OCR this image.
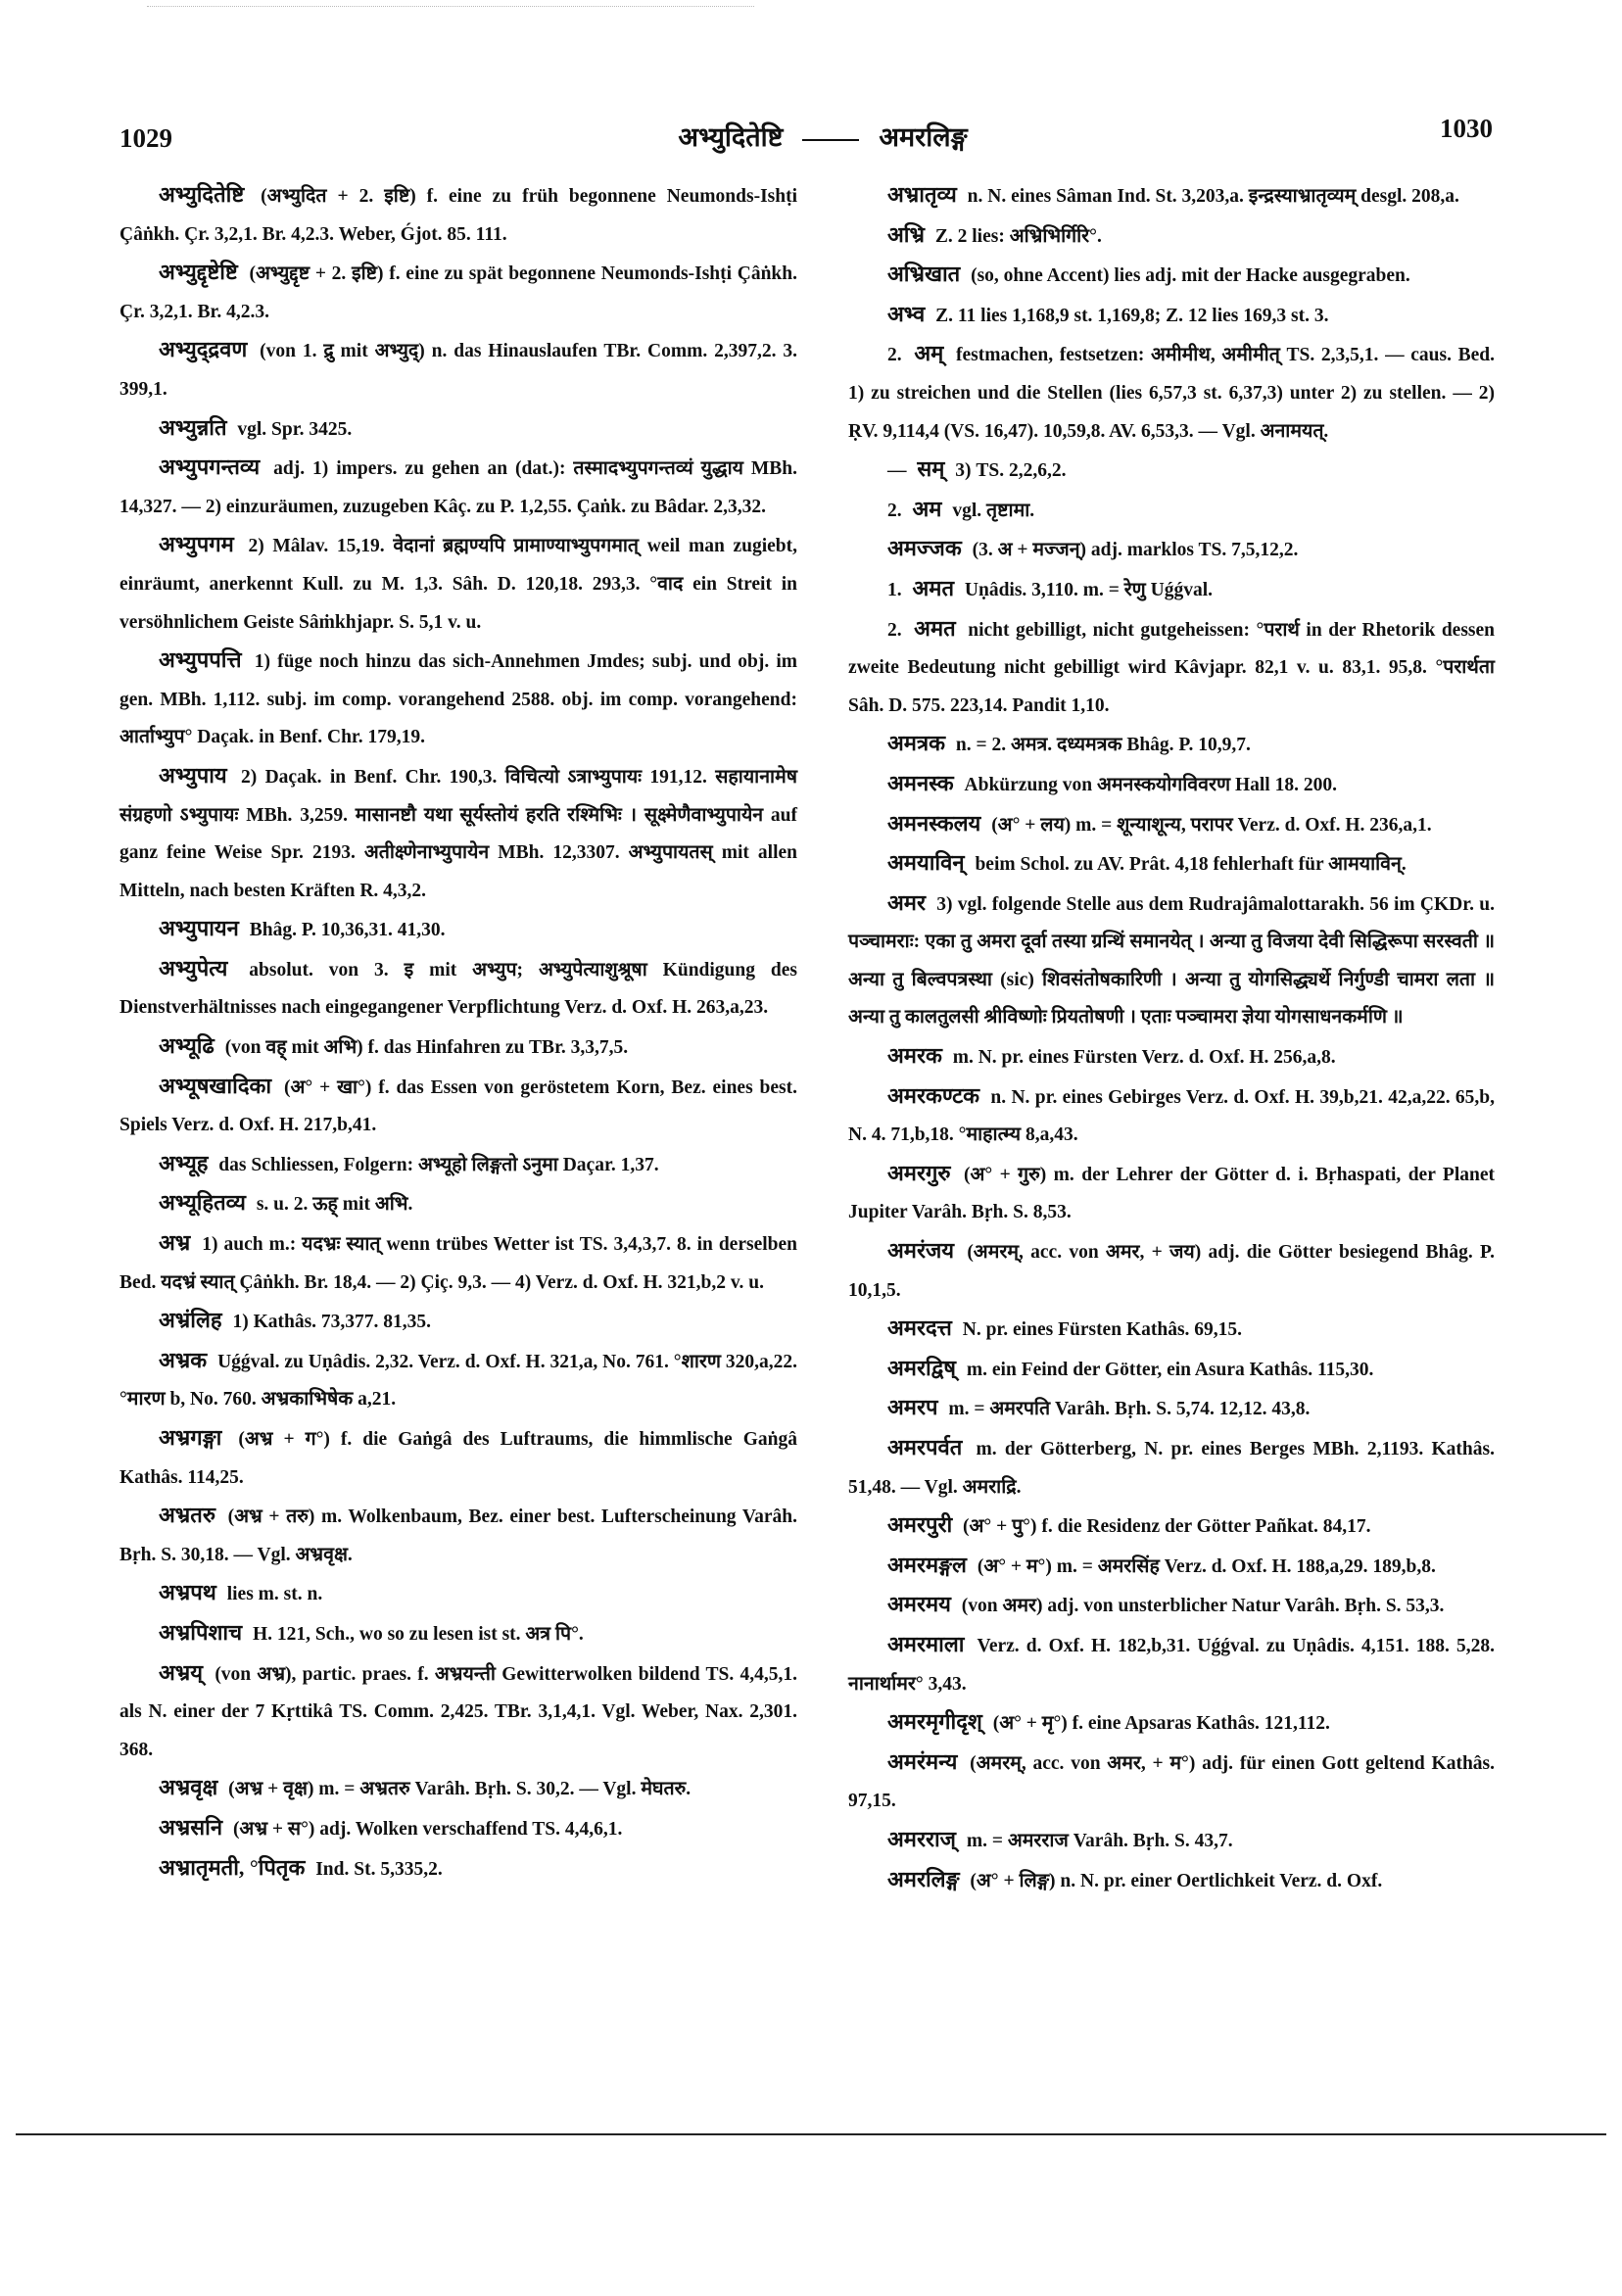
1029	अभ्युदितेष्टि	अमरलिङ्ग	1030

अभ्युदितेष्टि (अभ्युदित + 2. इष्टि) f. eine zu früh begonnene Neumonds-Ishṭi Çâṅkh. Çr. 3,2,1. Br. 4,2.3. Weber, Ǵjot. 85. 111.

अभ्युद्दृष्टेष्टि (अभ्युद्दृष्ट + 2. इष्टि) f. eine zu spät begonnene Neumonds-Ishṭi Çâṅkh. Çr. 3,2,1. Br. 4,2.3.

अभ्युद्द्रवण (von 1. द्रु mit अभ्युद्) n. das Hinauslaufen TBr. Comm. 2,397,2. 3. 399,1.

अभ्युन्नति vgl. Spr. 3425.

अभ्युपगन्तव्य adj. 1) impers. zu gehen an (dat.): तस्मादभ्युपगन्तव्यं युद्धाय MBh. 14,327. — 2) einzuräumen, zuzugeben Kâç. zu P. 1,2,55. Çaṅk. zu Bâdar. 2,3,32.

अभ्युपगम 2) Mâlav. 15,19. वेदानां ब्रह्मण्यपि प्रामाण्याभ्युपगमात् weil man zugiebt, einräumt, anerkennt Kull. zu M. 1,3. Sâh. D. 120,18. 293,3. °वाद ein Streit in versöhnlichem Geiste Sâṁkhjapr. S. 5,1 v. u.

अभ्युपपत्ति 1) füge noch hinzu das sich-Annehmen Jmdes; subj. und obj. im gen. MBh. 1,112. subj. im comp. vorangehend 2588. obj. im comp. vorangehend: आर्ताभ्युप° Daçak. in Benf. Chr. 179,19.

अभ्युपाय 2) Daçak. in Benf. Chr. 190,3. विचित्यो ऽत्राभ्युपायः 191,12. सहायानामेष संग्रहणो ऽभ्युपायः MBh. 3,259. मासानष्टौ यथा सूर्यस्तोयं हरति रश्मिभिः । सूक्ष्मेणैवाभ्युपायेन auf ganz feine Weise Spr. 2193. अतीक्ष्णेनाभ्युपायेन MBh. 12,3307. अभ्युपायतस् mit allen Mitteln, nach besten Kräften R. 4,3,2.

अभ्युपायन Bhâg. P. 10,36,31. 41,30.

अभ्युपेत्य absolut. von 3. इ mit अभ्युप; अभ्युपेत्याशुश्रूषा Kündigung des Dienstverhältnisses nach eingegangener Verpflichtung Verz. d. Oxf. H. 263,a,23.

अभ्यूढि (von वह् mit अभि) f. das Hinfahren zu TBr. 3,3,7,5.

अभ्यूषखादिका (अ° + खा°) f. das Essen von geröstetem Korn, Bez. eines best. Spiels Verz. d. Oxf. H. 217,b,41.

अभ्यूह das Schliessen, Folgern: अभ्यूहो लिङ्गतो ऽनुमा Daçar. 1,37.

अभ्यूहितव्य s. u. 2. ऊह् mit अभि.

अभ्र 1) auch m.: यदभ्रः स्यात् wenn trübes Wetter ist TS. 3,4,3,7. 8. in derselben Bed. यदभ्रं स्यात् Çâṅkh. Br. 18,4. — 2) Çiç. 9,3. — 4) Verz. d. Oxf. H. 321,b,2 v. u.

अभ्रंलिह 1) Kathâs. 73,377. 81,35.

अभ्रक Uǵǵval. zu Uṇâdis. 2,32. Verz. d. Oxf. H. 321,a, No. 761. °शारण 320,a,22. °मारण b, No. 760. अभ्रकाभिषेक a,21.

अभ्रगङ्गा (अभ्र + ग°) f. die Gaṅgâ des Luftraums, die himmlische Gaṅgâ Kathâs. 114,25.

अभ्रतरु (अभ्र + तरु) m. Wolkenbaum, Bez. einer best. Lufterscheinung Varâh. Bṛh. S. 30,18. — Vgl. अभ्रवृक्ष.

अभ्रपथ lies m. st. n.

अभ्रपिशाच H. 121, Sch., wo so zu lesen ist st. अत्र पि°.

अभ्रय् (von अभ्र), partic. praes. f. अभ्रयन्ती Gewitterwolken bildend TS. 4,4,5,1. als N. einer der 7 Kṛttikâ TS. Comm. 2,425. TBr. 3,1,4,1. Vgl. Weber, Nax. 2,301. 368.

अभ्रवृक्ष (अभ्र + वृक्ष) m. = अभ्रतरु Varâh. Bṛh. S. 30,2. — Vgl. मेघतरु.

अभ्रसनि (अभ्र + स°) adj. Wolken verschaffend TS. 4,4,6,1.

अभ्रातृमती, °पितृक Ind. St. 5,335,2.

अभ्रातृव्य n. N. eines Sâman Ind. St. 3,203,a. इन्द्रस्याभ्रातृव्यम् desgl. 208,a.

अभ्रि Z. 2 lies: अभ्रिभिर्गिरि°.

अभ्रिखात (so, ohne Accent) lies adj. mit der Hacke ausgegraben.

अभ्व Z. 11 lies 1,168,9 st. 1,169,8; Z. 12 lies 169,3 st. 3.

2. अम् festmachen, festsetzen: अमीमीथ, अमीमीत् TS. 2,3,5,1. — caus. Bed. 1) zu streichen und die Stellen (lies 6,57,3 st. 6,37,3) unter 2) zu stellen. — 2) ṚV. 9,114,4 (VS. 16,47). 10,59,8. AV. 6,53,3. — Vgl. अनामयत्.

— सम् 3) TS. 2,2,6,2.

2. अम vgl. तृष्टामा.

अमज्जक (3. अ + मज्जन्) adj. marklos TS. 7,5,12,2.

1. अमत Uṇâdis. 3,110. m. = रेणु Uǵǵval.

2. अमत nicht gebilligt, nicht gutgeheissen: °परार्थ in der Rhetorik dessen zweite Bedeutung nicht gebilligt wird Kâvjapr. 82,1 v. u. 83,1. 95,8. °परार्थता Sâh. D. 575. 223,14. Pandit 1,10.

अमत्रक n. = 2. अमत्र. दध्यमत्रक Bhâg. P. 10,9,7.

अमनस्क Abkürzung von अमनस्कयोगविवरण Hall 18. 200.

अमनस्कलय (अ° + लय) m. = शून्याशून्य, परापर Verz. d. Oxf. H. 236,a,1.

अमयाविन् beim Schol. zu AV. Prât. 4,18 fehlerhaft für आमयाविन्.

अमर 3) vgl. folgende Stelle aus dem Rudrajâmalottarakh. 56 im ÇKDr. u. पञ्चामराः: एका तु अमरा दूर्वा तस्या ग्रन्थिं समानयेत् । अन्या तु विजया देवी सिद्धिरूपा सरस्वती ॥ अन्या तु बिल्वपत्रस्था (sic) शिवसंतोषकारिणी । अन्या तु योगसिद्ध्यर्थे निर्गुण्डी चामरा लता ॥ अन्या तु कालतुलसी श्रीविष्णोः प्रियतोषणी । एताः पञ्चामरा ज्ञेया योगसाधनकर्मणि ॥

अमरक m. N. pr. eines Fürsten Verz. d. Oxf. H. 256,a,8.

अमरकण्टक n. N. pr. eines Gebirges Verz. d. Oxf. H. 39,b,21. 42,a,22. 65,b, N. 4. 71,b,18. °माहात्म्य 8,a,43.

अमरगुरु (अ° + गुरु) m. der Lehrer der Götter d. i. Bṛhaspati, der Planet Jupiter Varâh. Bṛh. S. 8,53.

अमरंजय (अमरम्, acc. von अमर, + जय) adj. die Götter besiegend Bhâg. P. 10,1,5.

अमरदत्त N. pr. eines Fürsten Kathâs. 69,15.

अमरद्विष् m. ein Feind der Götter, ein Asura Kathâs. 115,30.

अमरप m. = अमरपति Varâh. Bṛh. S. 5,74. 12,12. 43,8.

अमरपर्वत m. der Götterberg, N. pr. eines Berges MBh. 2,1193. Kathâs. 51,48. — Vgl. अमराद्रि.

अमरपुरी (अ° + पु°) f. die Residenz der Götter Pañkat. 84,17.

अमरमङ्गल (अ° + म°) m. = अमरसिंह Verz. d. Oxf. H. 188,a,29. 189,b,8.

अमरमय (von अमर) adj. von unsterblicher Natur Varâh. Bṛh. S. 53,3.

अमरमाला Verz. d. Oxf. H. 182,b,31. Uǵǵval. zu Uṇâdis. 4,151. 188. 5,28. नानार्थामर° 3,43.

अमरमृगीदृश् (अ° + मृ°) f. eine Apsaras Kathâs. 121,112.

अमरंमन्य (अमरम्, acc. von अमर, + म°) adj. für einen Gott geltend Kathâs. 97,15.

अमरराज् m. = अमरराज Varâh. Bṛh. S. 43,7.

अमरलिङ्ग (अ° + लिङ्ग) n. N. pr. einer Oertlichkeit Verz. d. Oxf.
